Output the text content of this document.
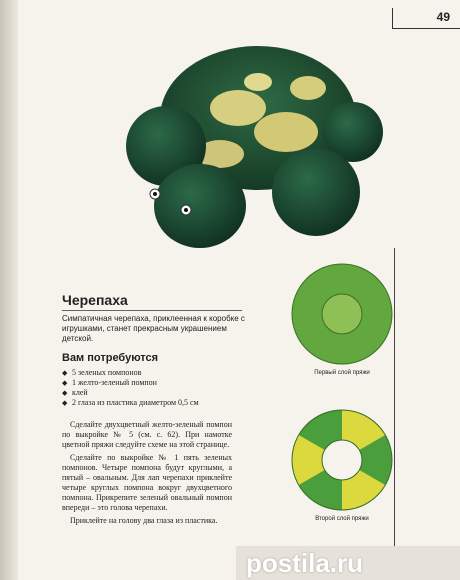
49
Черепаха
Симпатичная черепаха, приклеенная к коробке с игрушками, станет прекрасным украшением детской.
Вам потребуются
◆ 5 зеленых помпонов
◆ 1 желто-зеленый помпон
◆ клей
◆ 2 глаза из пластика диаметром 0,5 см

Сделайте двухцветный желто-зеленый помпон по выкройке № 5 (см. с. 62). При намотке цветной пряжи следуйте схеме на этой странице.

Сделайте по выкройке № 1 пять зеленых помпонов. Четыре помпона будут круглыми, а пятый – овальным. Для лап черепахи приклейте четыре круглых помпона вокруг двухцветного помпона. Прикрепите зеленый овальный помпон впереди – это голова черепахи.

Приклейте на голову два глаза из пластика.

Первый слой пряжи
Второй слой пряжи
postila.ru
